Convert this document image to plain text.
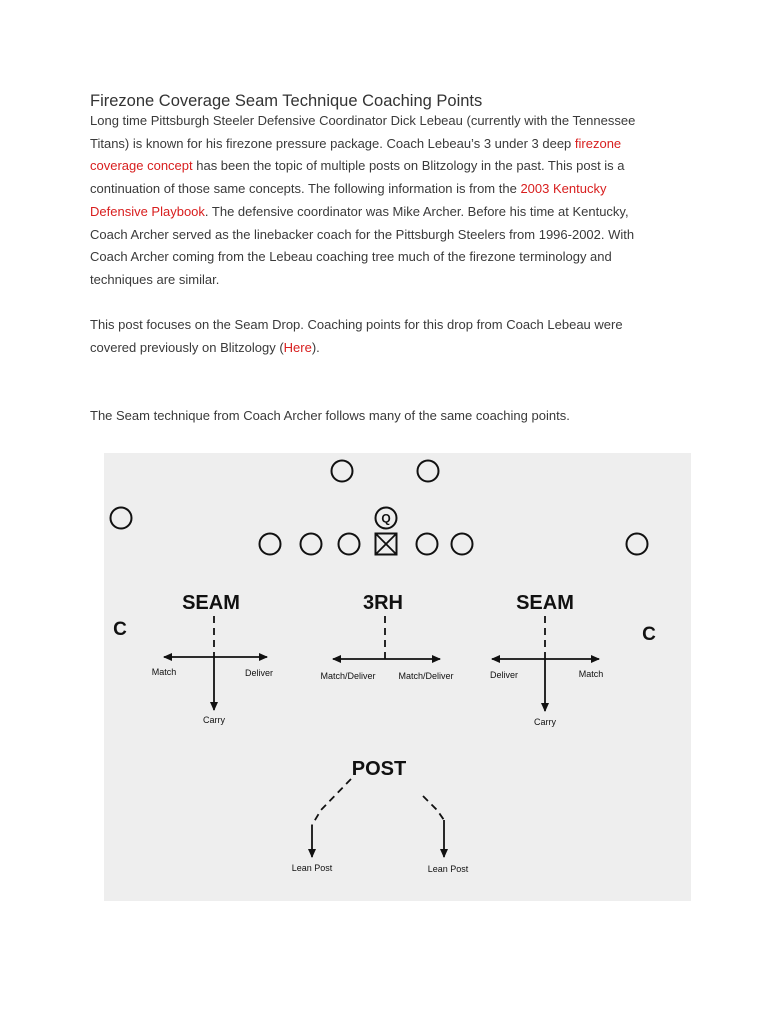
Firezone Coverage Seam Technique Coaching Points

Long time Pittsburgh Steeler Defensive Coordinator Dick Lebeau (currently with the Tennessee
Titans) is known for his firezone pressure package. Coach Lebeau’s 3 under 3 deep firezone
coverage concept has been the topic of multiple posts on Blitzology in the past. This post is a
continuation of those same concepts. The following information is from the 2003 Kentucky
Defensive Playbook. The defensive coordinator was Mike Archer. Before his time at Kentucky,
Coach Archer served as the linebacker coach for the Pittsburgh Steelers from 1996-2002. With
Coach Archer coming from the Lebeau coaching tree much of the firezone terminology and
techniques are similar.

This post focuses on the Seam Drop. Coaching points for this drop from Coach Lebeau were
covered previously on Blitzology (Here).

The Seam technique from Coach Archer follows many of the same coaching points.

Q
C	C
SEAM
Match	Deliver
Carry
3RH
Match/Deliver	Match/Deliver
SEAM
Deliver	Match
Carry
POST
Lean Post	Lean Post
